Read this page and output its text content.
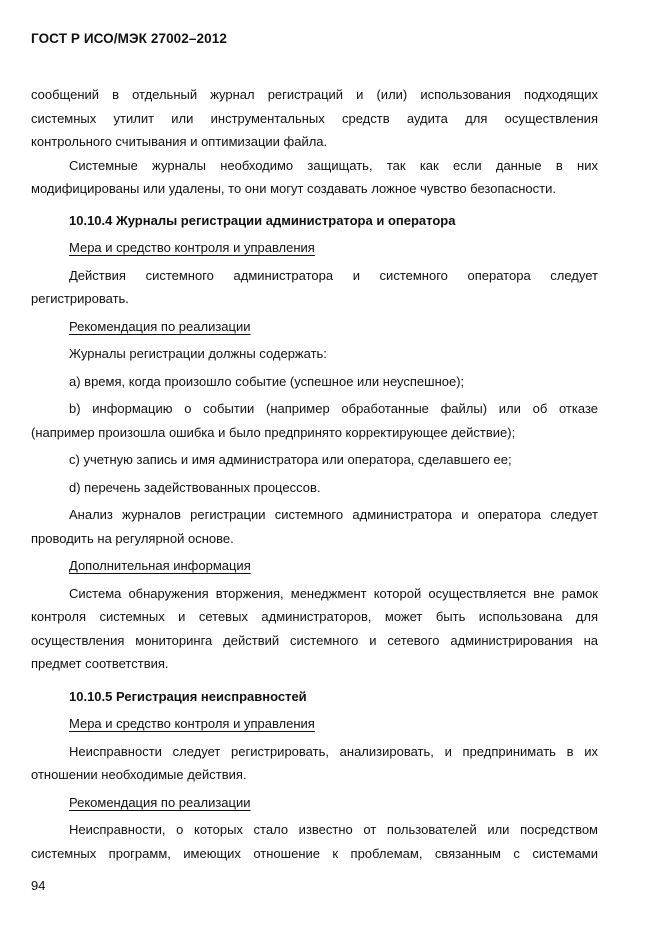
ГОСТ Р ИСО/МЭК 27002–2012

сообщений в отдельный журнал регистраций и (или) использования подходящих

системных утилит или инструментальных средств аудита для осуществления

контрольного считывания и оптимизации файла.

Системные журналы необходимо защищать, так как если данные в них

модифицированы или удалены, то они могут создавать ложное чувство безопасности.

10.10.4 Журналы регистрации администратора и оператора

Мера и средство контроля и управления

Действия системного администратора и системного оператора следует

регистрировать.

Рекомендация по реализации

Журналы регистрации должны содержать:

a) время, когда произошло событие (успешное или неуспешное);

b) информацию о событии (например обработанные файлы) или об отказе

(например произошла ошибка и было предпринято корректирующее действие);

c) учетную запись и имя администратора или оператора, сделавшего ее;

d) перечень задействованных процессов.

Анализ журналов регистрации системного администратора и оператора следует

проводить на регулярной основе.

Дополнительная информация

Система обнаружения вторжения, менеджмент которой осуществляется вне рамок

контроля системных и сетевых администраторов, может быть использована для

осуществления мониторинга действий системного и сетевого администрирования на

предмет соответствия.

10.10.5 Регистрация неисправностей

Мера и средство контроля и управления

Неисправности следует регистрировать, анализировать, и предпринимать в их

отношении необходимые действия.

Рекомендация по реализации

Неисправности, о которых стало известно от пользователей или посредством

системных программ, имеющих отношение к проблемам, связанным с системами

94
